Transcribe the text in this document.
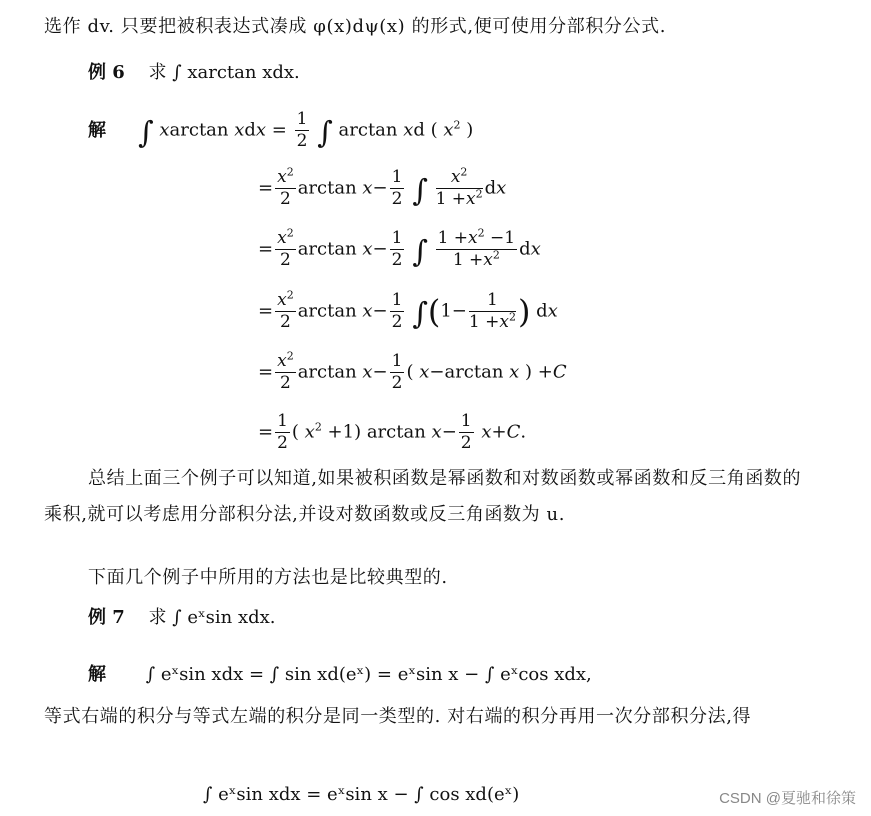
选作 dv. 只要把被积表达式凑成 φ(x)dψ(x) 的形式,便可使用分部积分公式.
例 6 求 ∫ xarctan xdx.
解 ∫ xarctan xdx = $\frac{1}{2}$ ∫ arctan xd ( $x^2$ )
= $\frac{x^2}{2}$ $\arctan x- \frac{1}{2}$ ∫ $\frac{x^2}{1 +x^2}$ dx
= $\frac{x^2}{2}$ $\arctan x- \frac{1}{2}$ ∫ $\frac{1 +x^2 -1}{1 +x^2}$ dx
= $\frac{x^2}{2}$ $\arctan x- \frac{1}{2} \int(1- \frac{1}{1 +x^2}$ ) dx
= $\frac{x^2}{2}$ $\arctan x- \frac{1}{2}$ ( x−arctan x ) +C
= $\frac{1}{2}$ ( $x^2 +1$) $\arctan x- \frac{1}{2} x+C$.
总结上面三个例子可以知道,如果被积函数是幂函数和对数函数或幂函数和反三角函数的乘积,就可以考虑用分部积分法,并设对数函数或反三角函数为 u.
下面几个例子中所用的方法也是比较典型的.
例 7 求 ∫ eˣsin xdx.
解 ∫ eˣsin xdx = ∫ sin xd(eˣ) = eˣsin x − ∫ eˣcos xdx,
等式右端的积分与等式左端的积分是同一类型的. 对右端的积分再用一次分部积分法,得
∫ eˣsin xdx = eˣsin x − ∫ cos xd(eˣ)	CSDN @夏驰和徐策
